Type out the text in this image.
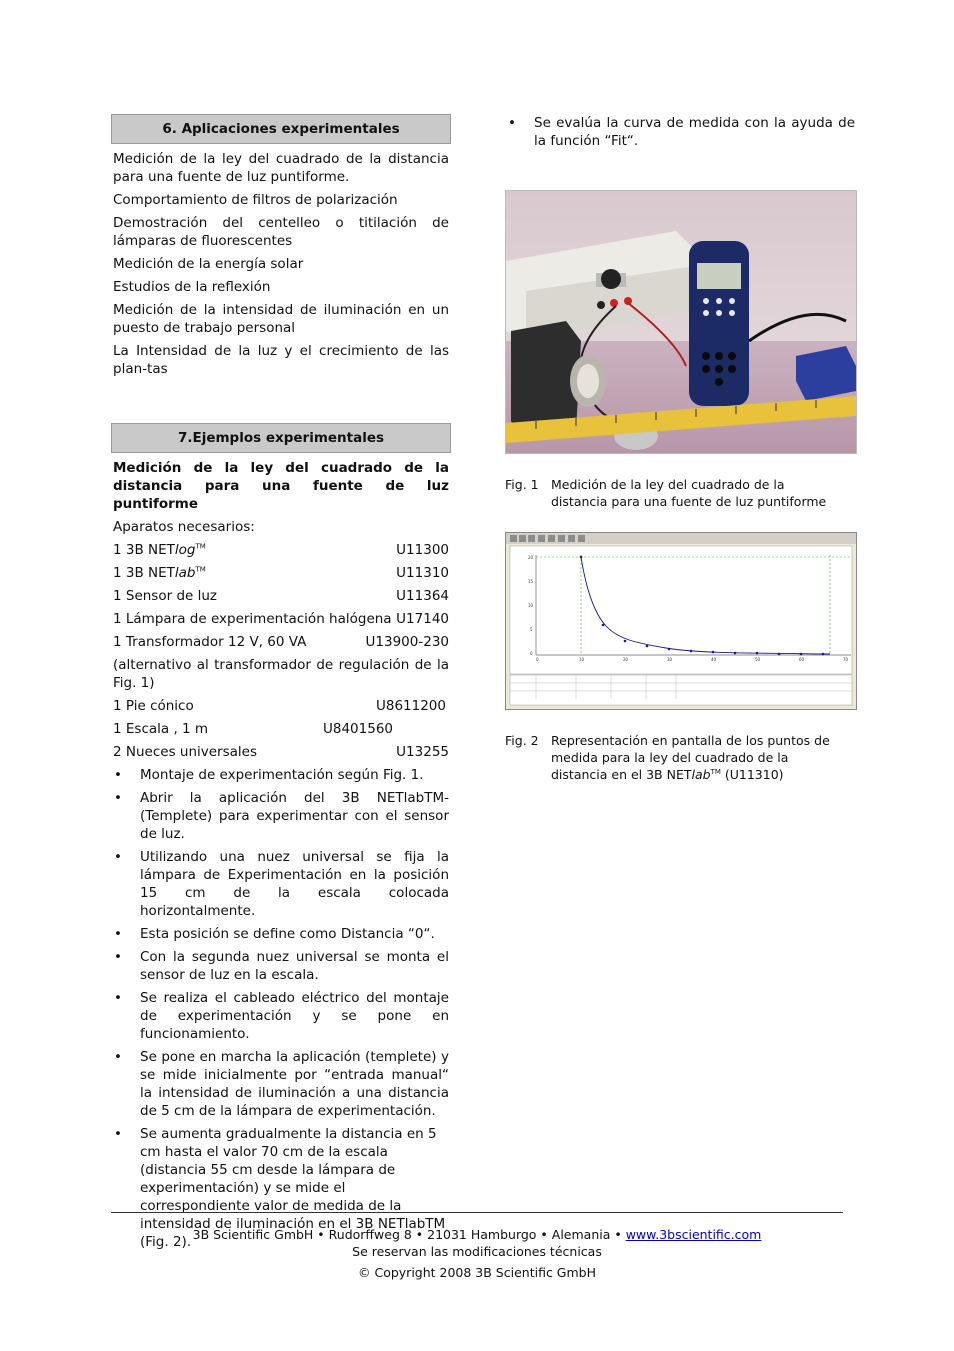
6. Aplicaciones experimentales
Medición de la ley del cuadrado de la distancia para una fuente de luz puntiforme.
Comportamiento de filtros de polarización
Demostración del centelleo o titilación de lámparas de fluorescentes
Medición de la energía solar
Estudios de la reflexión
Medición de la intensidad de iluminación en un puesto de trabajo personal
La Intensidad de la luz y el crecimiento de las plan-tas
7.Ejemplos experimentales
Medición de la ley del cuadrado de la distancia para una fuente de luz puntiforme
Aparatos necesarios:
1 3B NETlog™	U11300
1 3B NETlab™	U11310
1 Sensor de luz	U11364
1 Lámpara de experimentación halógena U17140
1 Transformador 12 V, 60 VA	U13900-230
(alternativo al transformador de regulación de la Fig. 1)
1 Pie cónico	U8611200
1 Escala , 1 m	U8401560
2 Nueces universales	U13255
• Montaje de experimentación según Fig. 1.
• Abrir la aplicación del 3B NETlabTM-(Templete) para experimentar con el sensor de luz.
• Utilizando una nuez universal se fija la lámpara de Experimentación en la posición 15 cm de la escala colocada horizontalmente.
• Esta posición se define como Distancia “0“.
• Con la segunda nuez universal se monta el sensor de luz en la escala.
• Se realiza el cableado eléctrico del montaje de experimentación y se pone en funcionamiento.
• Se pone en marcha la aplicación (templete) y se mide inicialmente por “entrada manual“ la intensidad de iluminación a una distancia de 5 cm de la lámpara de experimentación.
• Se aumenta gradualmente la distancia en 5 cm hasta el valor 70 cm de la escala (distancia 55 cm desde la lámpara de experimentación) y se mide el correspondiente valor de medida de la intensidad de iluminación en el 3B NETlabTM (Fig. 2).
• Se evalúa la curva de medida con la ayuda de la función “Fit“.
Fig. 1 Medición de la ley del cuadrado de la distancia para una fuente de luz puntiforme
20
15
10
5
0
0	10	20	30	40	50	60	70
Fig. 2 Representación en pantalla de los puntos de medida para la ley del cuadrado de la distancia en el 3B NETlab™ (U11310)
3B Scientific GmbH • Rudorffweg 8 • 21031 Hamburgo • Alemania • www.3bscientific.com
Se reservan las modificaciones técnicas
© Copyright 2008 3B Scientific GmbH
